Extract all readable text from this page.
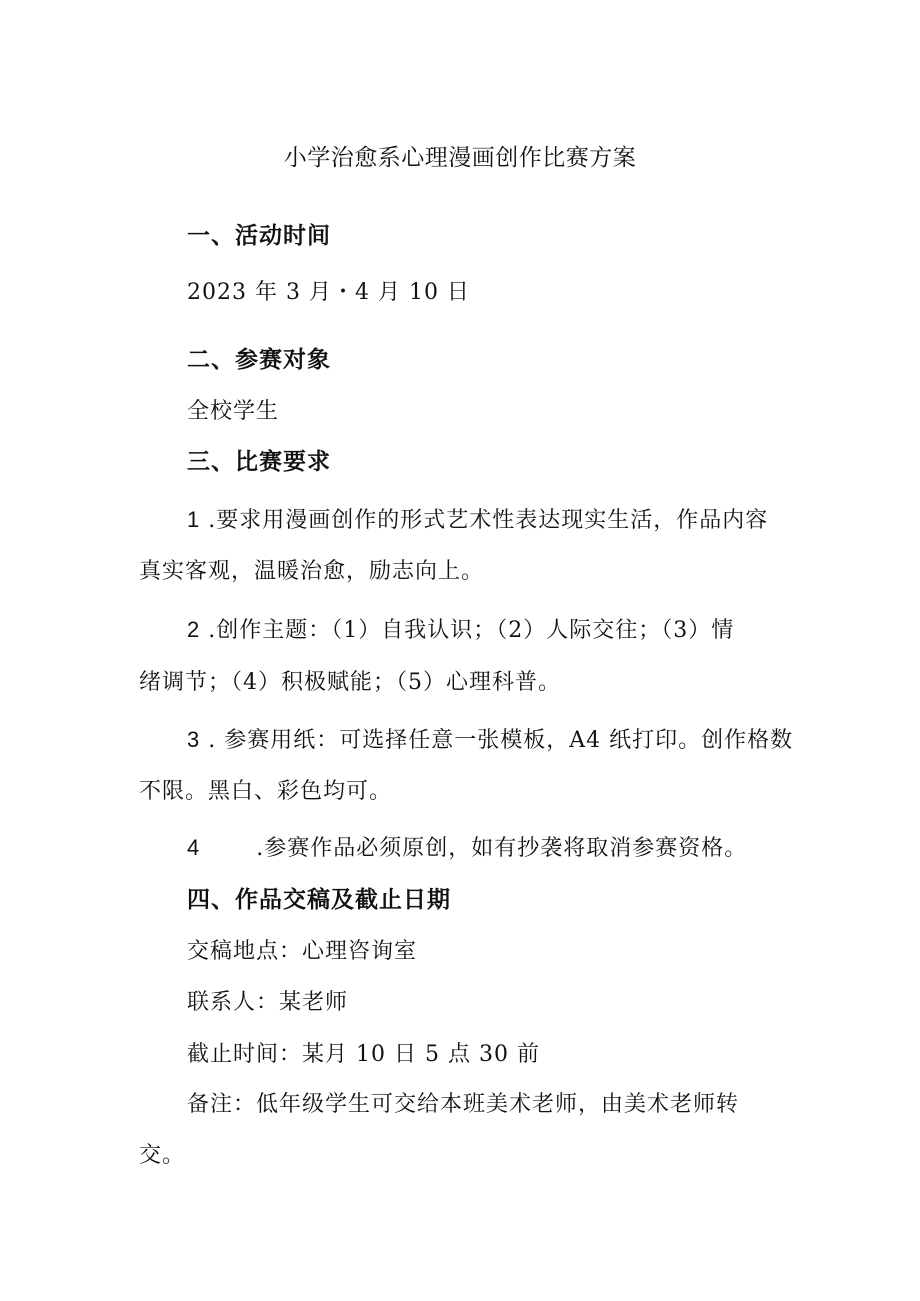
小学治愈系心理漫画创作比赛方案
一、活动时间
2023 年 3 月・4 月 10 日
二、参赛对象
全校学生
三、比赛要求
1 .要求用漫画创作的形式艺术性表达现实生活，作品内容
真实客观，温暖治愈，励志向上。
2 .创作主题：（1）自我认识；（2）人际交往；（3）情
绪调节；（4）积极赋能；（5）心理科普。
3 . 参赛用纸：可选择任意一张模板，A4 纸打印。创作格数
不限。黑白、彩色均可。
4       .参赛作品必须原创，如有抄袭将取消参赛资格。
四、作品交稿及截止日期
交稿地点：心理咨询室
联系人：某老师
截止时间：某月 10 日 5 点 30 前
备注：低年级学生可交给本班美术老师，由美术老师转
交。
